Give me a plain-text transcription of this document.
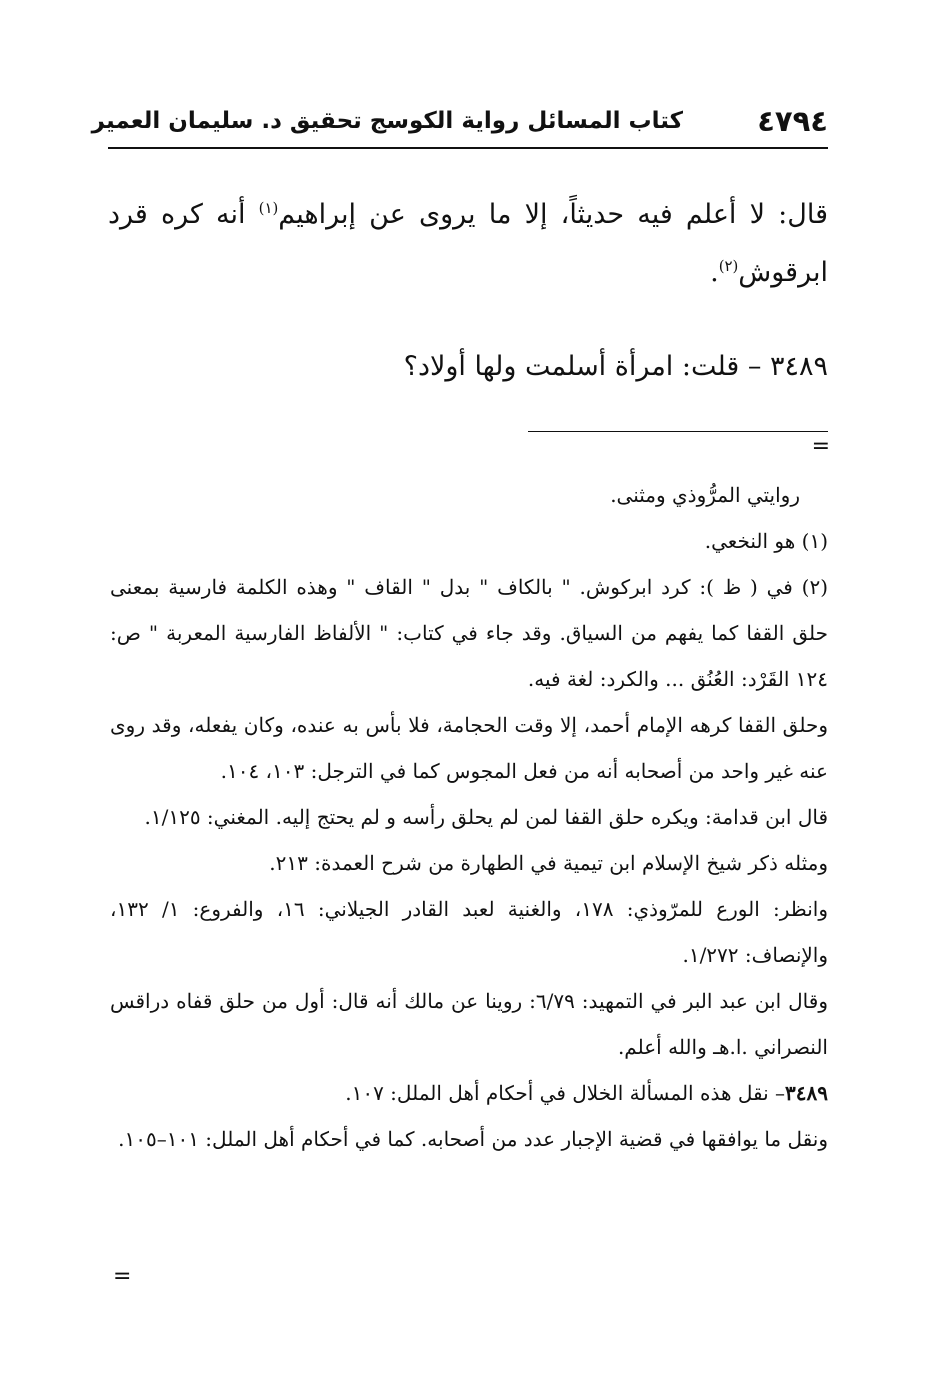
٤٧٩٤
كتاب المسائل رواية الكوسج تحقيق د. سليمان العمير

قال: لا أعلم فيه حديثاً، إلا ما يروى عن إبراهيم$^{(١)}$ أنه كره قرد ابرقوش$^{(٢)}$.

٣٤٨٩ – قلت: امرأة أسلمت ولها أولاد؟
=

روايتي المرُّوذي ومثنى.

(١) هو النخعي.

(٢) في ( ظ ): كرد ابركوش. " بالكاف " بدل " القاف " وهذه الكلمة فارسية بمعنى حلق القفا كما يفهم من السياق. وقد جاء في كتاب: " الألفاظ الفارسية المعربة " ص: ١٢٤ القَرْد: العُنُق ... والكرد: لغة فيه.

وحلق القفا كرهه الإمام أحمد، إلا وقت الحجامة، فلا بأس به عنده، وكان يفعله، وقد روى عنه غير واحد من أصحابه أنه من فعل المجوس كما في الترجل: ١٠٣، ١٠٤.

قال ابن قدامة: ويكره حلق القفا لمن لم يحلق رأسه و لم يحتج إليه. المغني: ١/١٢٥.

ومثله ذكر شيخ الإسلام ابن تيمية في الطهارة من شرح العمدة: ٢١٣.

وانظر: الورع للمرّوذي: ١٧٨، والغنية لعبد القادر الجيلاني: ١٦، والفروع: ١/ ١٣٢، والإنصاف: ١/٢٧٢.

وقال ابن عبد البر في التمهيد: ٦/٧٩: روينا عن مالك أنه قال: أول من حلق قفاه دراقس النصراني .ا.هـ والله أعلم.

٣٤٨٩– نقل هذه المسألة الخلال في أحكام أهل الملل: ١٠٧.

ونقل ما يوافقها في قضية الإجبار عدد من أصحابه. كما في أحكام أهل الملل: ١٠١–١٠٥.

=
